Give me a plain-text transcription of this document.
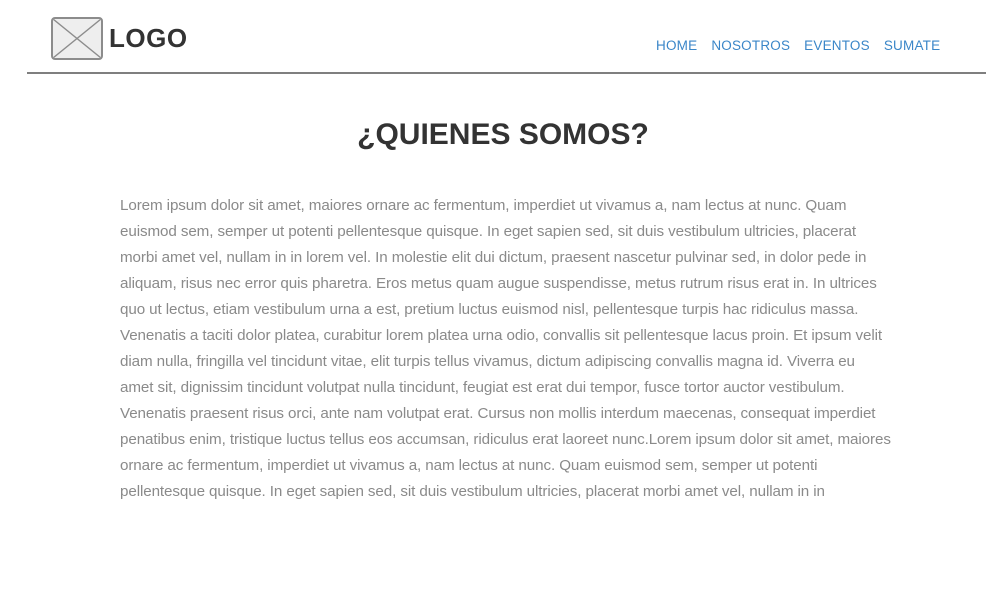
LOGO	HOME NOSOTROS EVENTOS SUMATE
¿QUIENES SOMOS?

Lorem ipsum dolor sit amet, maiores ornare ac fermentum, imperdiet ut vivamus a, nam lectus at nunc. Quam euismod sem, semper ut potenti pellentesque quisque. In eget sapien sed, sit duis vestibulum ultricies, placerat morbi amet vel, nullam in in lorem vel. In molestie elit dui dictum, praesent nascetur pulvinar sed, in dolor pede in aliquam, risus nec error quis pharetra. Eros metus quam augue suspendisse, metus rutrum risus erat in. In ultrices quo ut lectus, etiam vestibulum urna a est, pretium luctus euismod nisl, pellentesque turpis hac ridiculus massa. Venenatis a taciti dolor platea, curabitur lorem platea urna odio, convallis sit pellentesque lacus proin. Et ipsum velit diam nulla, fringilla vel tincidunt vitae, elit turpis tellus vivamus, dictum adipiscing convallis magna id. Viverra eu amet sit, dignissim tincidunt volutpat nulla tincidunt, feugiat est erat dui tempor, fusce tortor auctor vestibulum. Venenatis praesent risus orci, ante nam volutpat erat. Cursus non mollis interdum maecenas, consequat imperdiet penatibus enim, tristique luctus tellus eos accumsan, ridiculus erat laoreet nunc.Lorem ipsum dolor sit amet, maiores ornare ac fermentum, imperdiet ut vivamus a, nam lectus at nunc. Quam euismod sem, semper ut potenti pellentesque quisque. In eget sapien sed, sit duis vestibulum ultricies, placerat morbi amet vel, nullam in in
